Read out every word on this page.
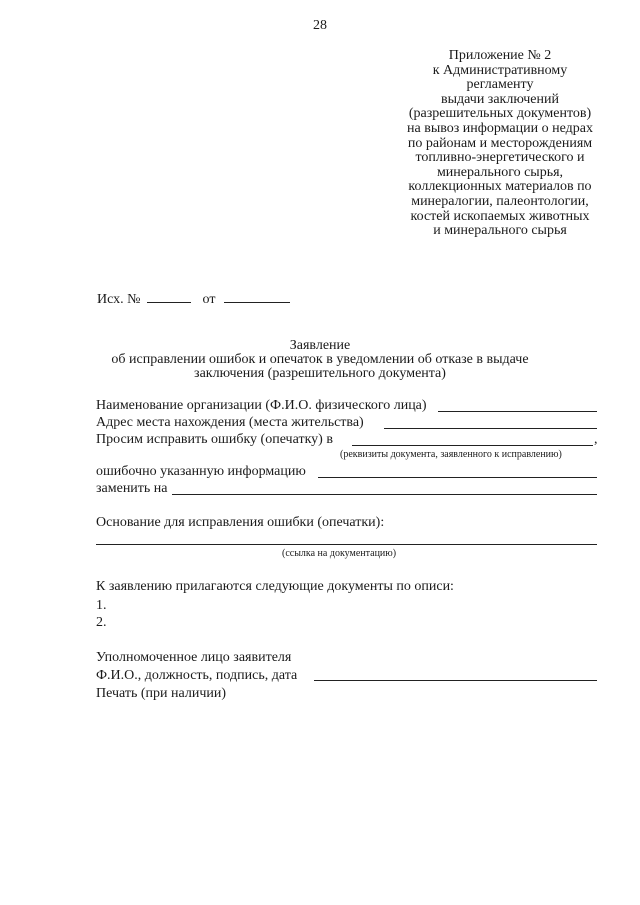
28
Приложение № 2
к Административному
регламенту
выдачи заключений
(разрешительных документов)
на вывоз информации о недрах
по районам и месторождениям
топливно-энергетического и
минерального сырья,
коллекционных материалов по
минералогии, палеонтологии,
костей ископаемых животных
и минерального сырья
Исх. №	от
Заявление
об исправлении ошибок и опечаток в уведомлении об отказе в выдаче
заключения (разрешительного документа)
Наименование организации (Ф.И.О. физического лица)
Адрес места нахождения (места жительства)
Просим исправить ошибку (опечатку) в	,
(реквизиты документа, заявленного к исправлению)
ошибочно указанную информацию
заменить на
Основание для исправления ошибки (опечатки):
(ссылка на документацию)
К заявлению прилагаются следующие документы по описи:
1.
2.
Уполномоченное лицо заявителя
Ф.И.О., должность, подпись, дата
Печать (при наличии)
